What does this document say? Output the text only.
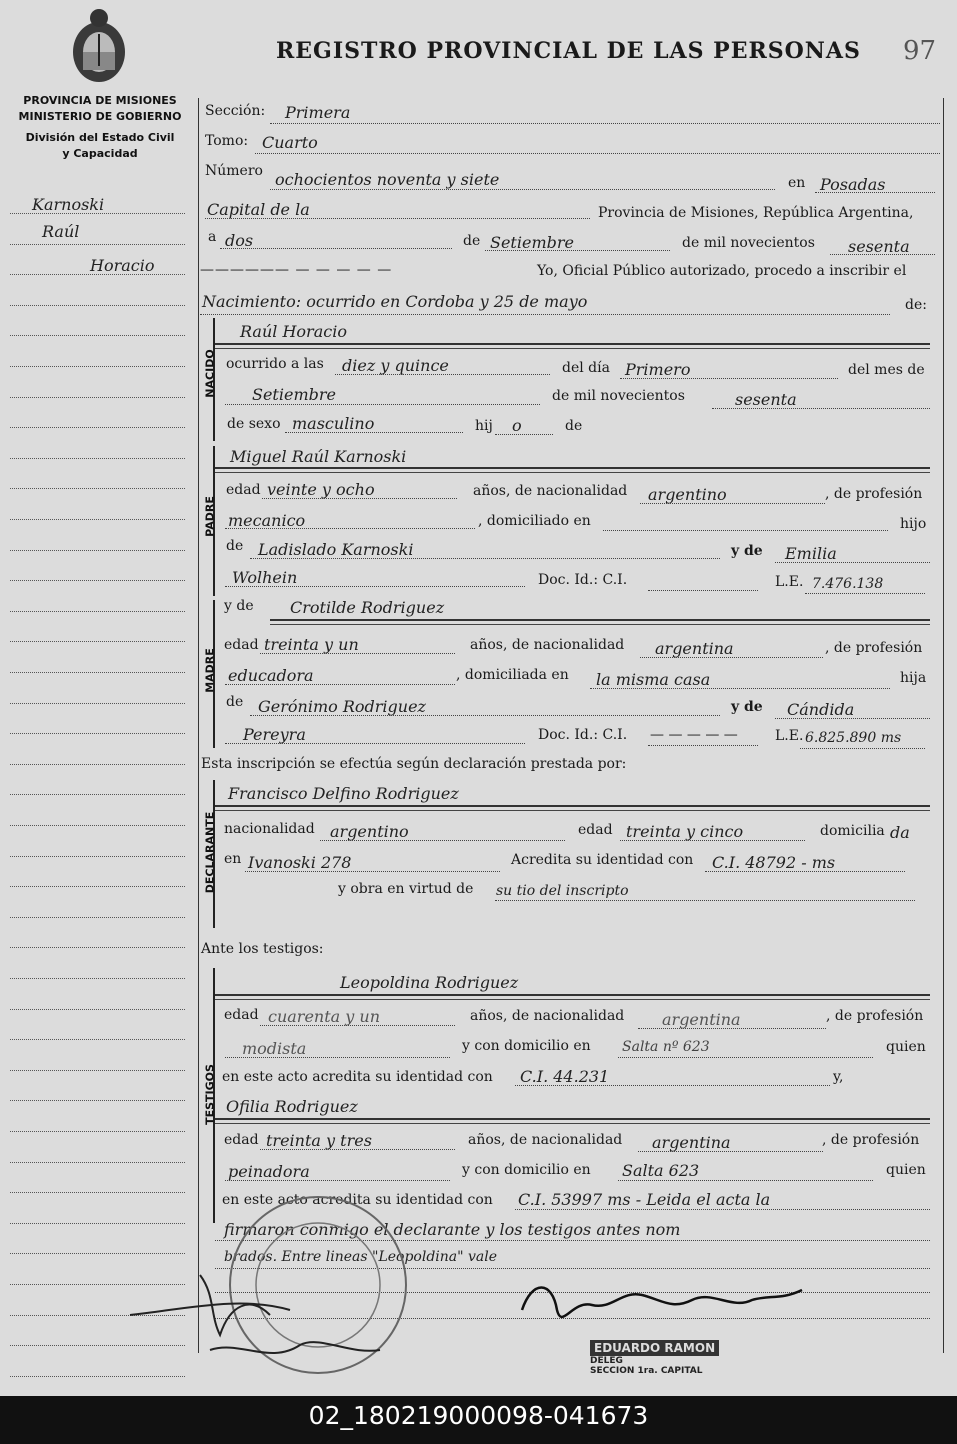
REGISTRO PROVINCIAL DE LAS PERSONAS 97
PROVINCIA DE MISIONES
MINISTERIO DE GOBIERNO
División del Estado Civil
y Capacidad
Karnoski
Raúl
Horacio
Sección: Primera
Tomo: Cuarto
Número ochocientos noventa y siete	en Posadas
Capital de la	Provincia de Misiones, República Argentina,
a dos	de Setiembre	de mil novecientos sesenta
—————— — — — — —	Yo, Oficial Público autorizado, procedo a inscribir el
Nacimiento: ocurrido en Cordoba y 25 de mayo	de:
NACIDO
Raúl Horacio
ocurrido a las diez y quince	del día Primero	del mes de
Setiembre	de mil novecientos	sesenta
de sexo masculino	hij o	de
PADRE
Miguel Raúl Karnoski
edad veinte y ocho	años, de nacionalidad argentino	, de profesión
mecanico	, domiciliado en	hijo
de Ladislado Karnoski	y de Emilia
Wolhein	Doc. Id.: C.I.	L.E. 7.476.138
MADRE
y de Crotilde Rodriguez
edad treinta y un	años, de nacionalidad argentina	, de profesión
educadora	, domiciliada en la misma casa	hija
de Gerónimo Rodriguez	y de Cándida
Pereyra	Doc. Id.: C.I. — — — — —	L.E. 6.825.890 ms
Esta inscripción se efectúa según declaración prestada por:
DECLARANTE
Francisco Delfino Rodriguez
nacionalidad argentino	edad treinta y cinco	domicilia da
en Ivanoski 278	Acredita su identidad con C.I. 48792 - ms
y obra en virtud de su tio del inscripto
Ante los testigos:
TESTIGOS
Leopoldina Rodriguez
edad cuarenta y un	años, de nacionalidad argentina	, de profesión
modista	y con domicilio en Salta nº 623	quien
en este acto acredita su identidad con C.I. 44.231	y,
Ofilia Rodriguez
edad treinta y tres	años, de nacionalidad argentina	, de profesión
peinadora	y con domicilio en Salta 623	quien
en este acto acredita su identidad con C.I. 53997 ms - Leida el acta la
firmaron conmigo el declarante y los testigos antes nom
brados. Entre lineas "Leopoldina" vale
EDUARDO RAMON
DELEG
SECCION 1ra. CAPITAL
02_180219000098-041673
